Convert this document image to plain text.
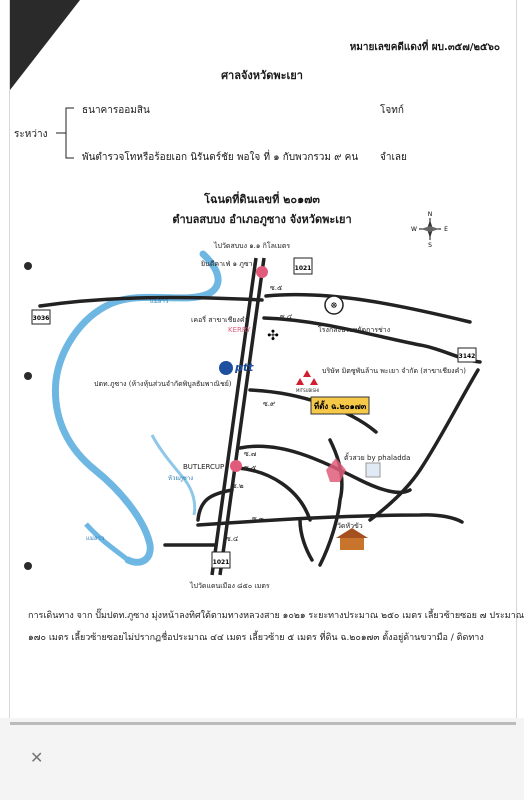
หมายเลขคดีแดงที่ ผบ.๓๕๗/๒๕๖๐
ศาลจังหวัดพะเยา
ระหว่าง
ธนาคารออมสิน	โจทก์
พันตำรวจโทหรือร้อยเอก นิรันดร์ชัย พอใจ ที่ ๑ กับพวกรวม ๙ คน จำเลย
โฉนดที่ดินเลขที่ ๒๐๑๗๓
ตำบลสบบง อำเภอภูซาง จังหวัดพะเยา	N
S
E
W
1021
3036
3142
1021
☸
✣
ที่ตั้ง ฉ.๒๐๑๗๓
ไปวัดสบบง ๑.๑ กิโลเมตร
ยินดีคาเฟ่ ๑ ภูซาง
เคอรี่ สาขาเชียงคำ
KERRY	โรงกลึงประหยัดการช่าง
ptt
ปตท.ภูซาง (ห้างหุ้นส่วนจำกัดพิบูลธัมพาณิชย์)
บริษัท มิตซูพันล้าน พะเยา จำกัด (สาขาเชียงคำ)
MITSUBISHI
BUTLERCUP
ตั้วสวย by phaladda
วัดหัวขัว
ไปวัดแดนเมือง ๘๕๐ เมตร
แม่ลาว
ห้วยภูซาง
แม่ลาว
ซ.๕
ซ.๔
ซ.๙
ซ.๗
ซ.๕
ซ.๒
ซ.๓
ซ.๔
การเดินทาง จาก ปั๊มปตท.ภูซาง มุ่งหน้าลงทิศใต้ตามทางหลวงสาย ๑๐๒๑ ระยะทางประมาณ ๒๕๐ เมตร เลี้ยวซ้ายซอย ๗ ประมาณ
๑๗๐ เมตร เลี้ยวซ้ายซอยไม่ปรากฏชื่อประมาณ ๔๔ เมตร เลี้ยวซ้าย ๕ เมตร ที่ดิน ฉ.๒๐๑๗๓ ตั้งอยู่ด้านขวามือ / ติดทาง
✕
